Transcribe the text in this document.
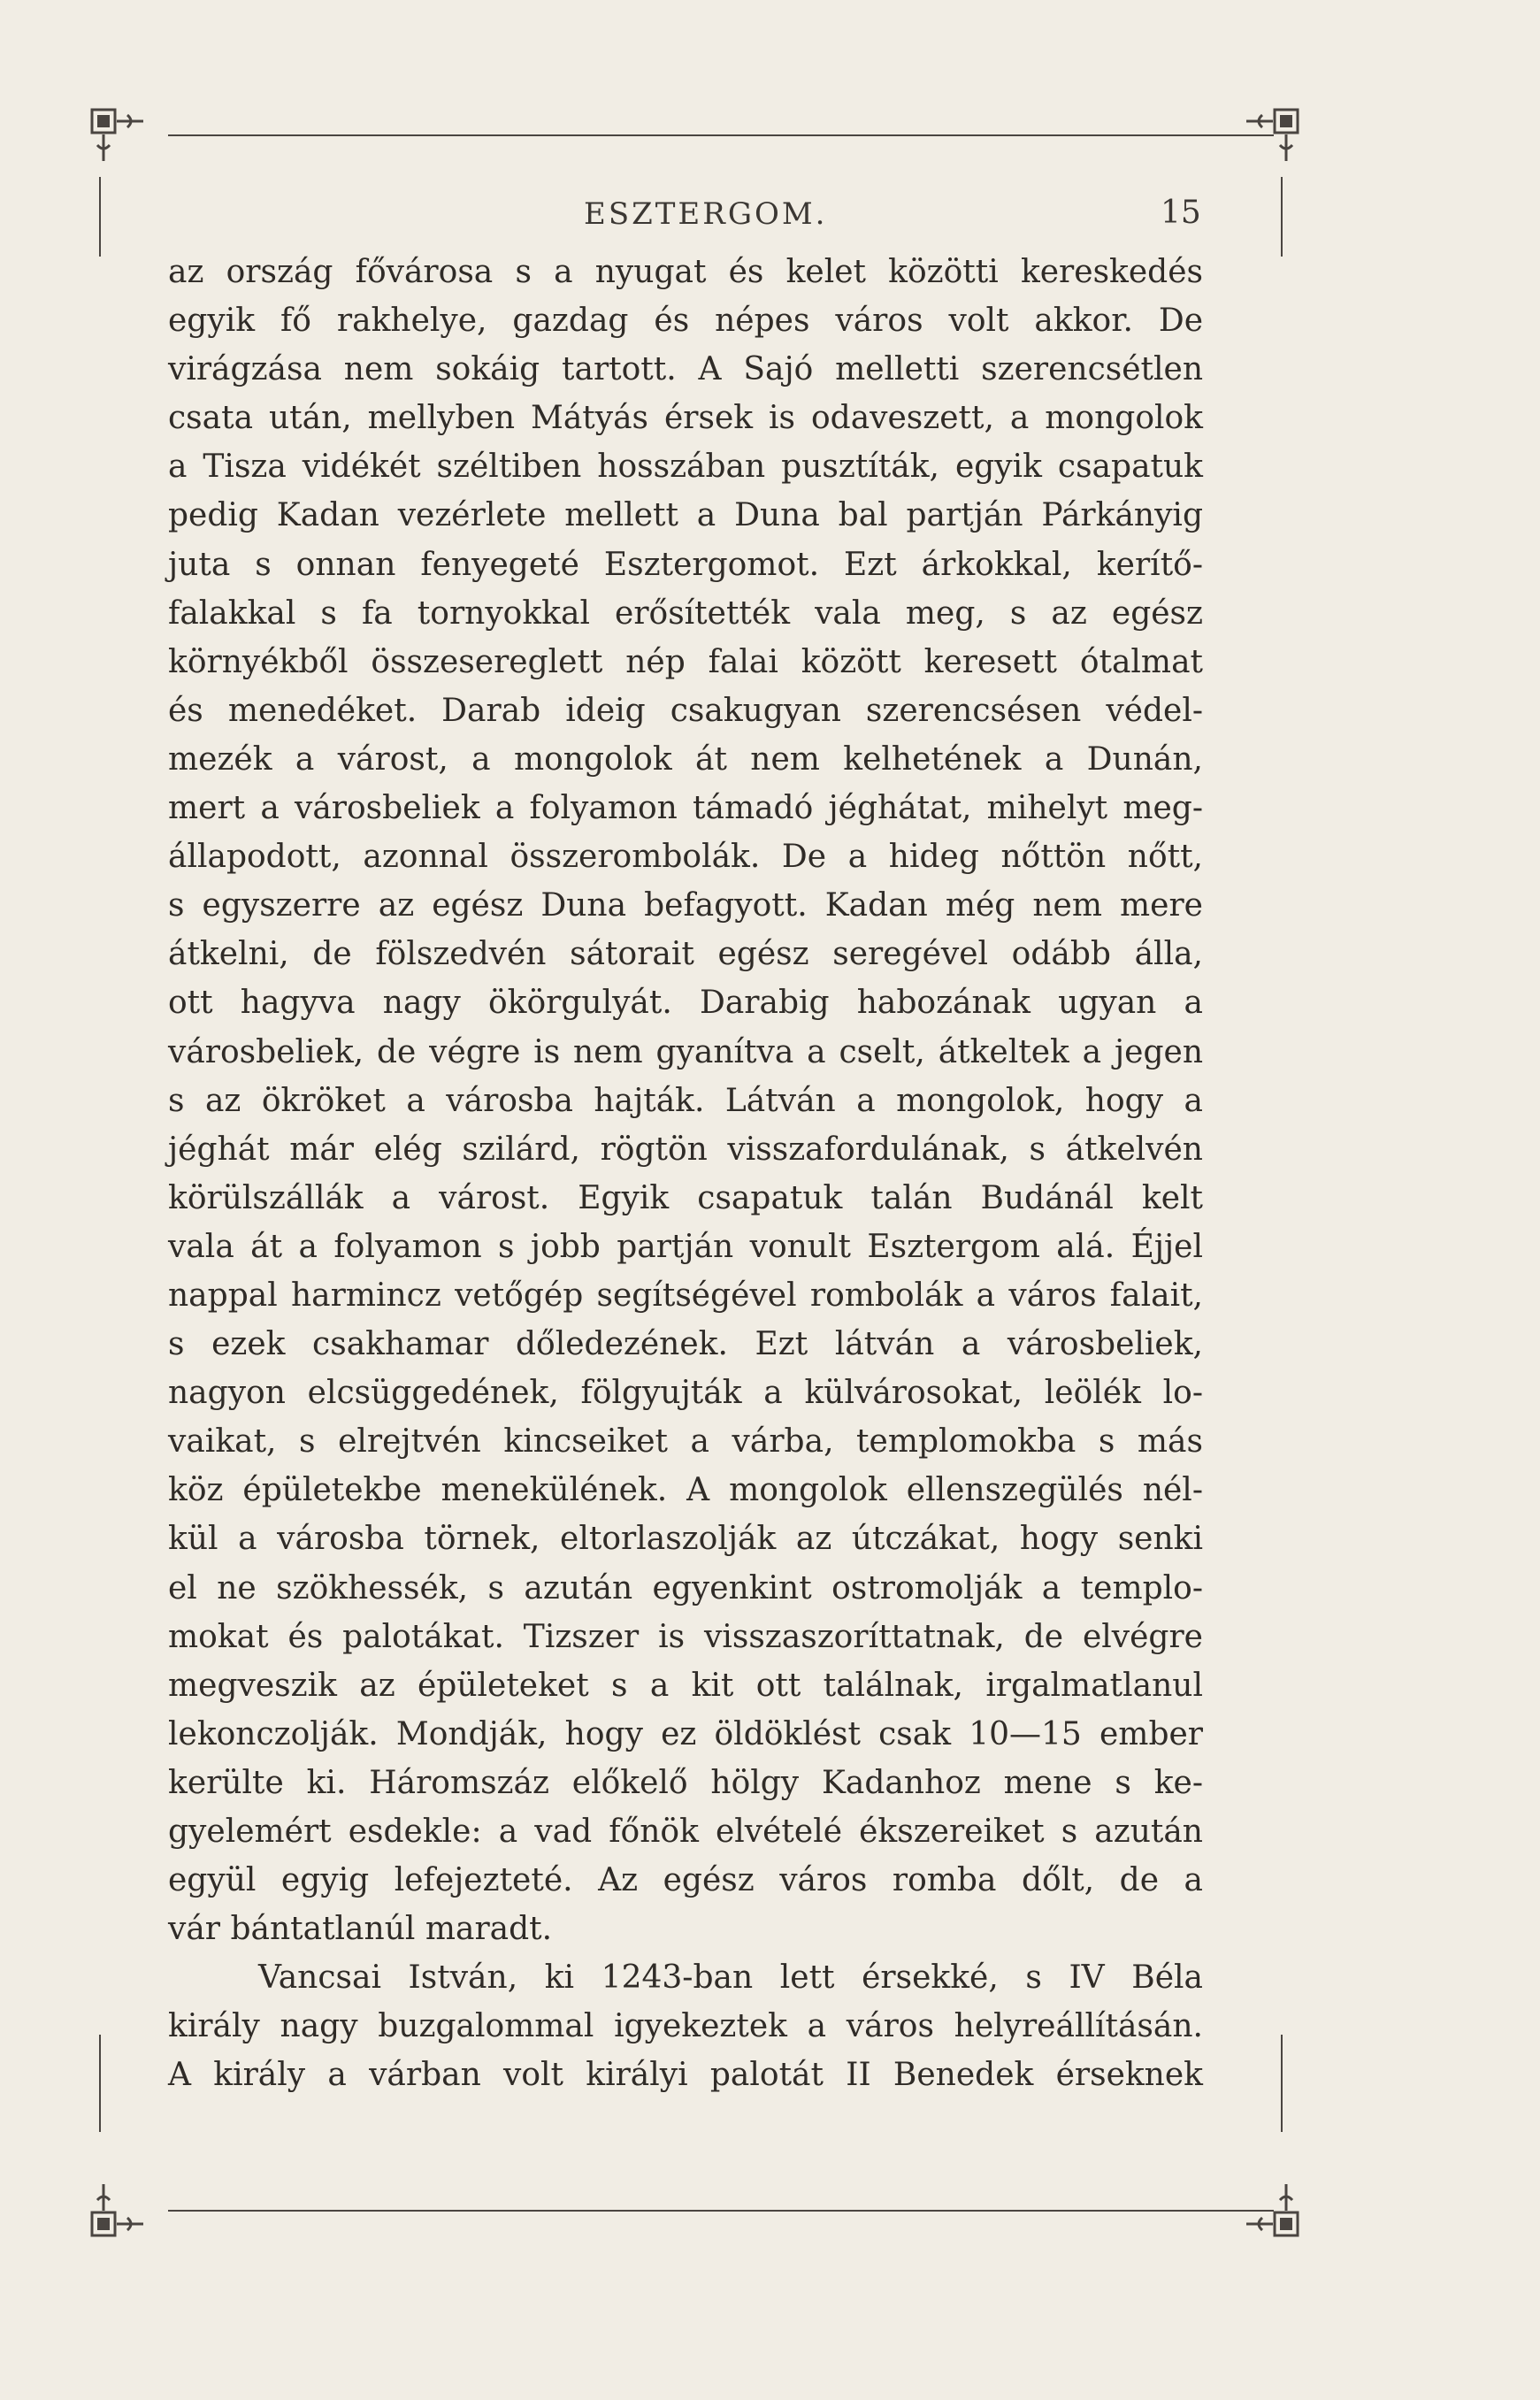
ESZTERGOM.	15
az ország fővárosa s a nyugat és kelet közötti kereskedés
egyik fő rakhelye, gazdag és népes város volt akkor. De
virágzása nem sokáig tartott. A Sajó melletti szerencsétlen
csata után, mellyben Mátyás érsek is odaveszett, a mongolok
a Tisza vidékét széltiben hosszában pusztíták, egyik csapatuk
pedig Kadan vezérlete mellett a Duna bal partján Párkányig
juta s onnan fenyegeté Esztergomot. Ezt árkokkal, kerítő-
falakkal s fa tornyokkal erősítették vala meg, s az egész
környékből összesereglett nép falai között keresett ótalmat
és menedéket. Darab ideig csakugyan szerencsésen védel-
mezék a várost, a mongolok át nem kelhetének a Dunán,
mert a városbeliek a folyamon támadó jéghátat, mihelyt meg-
állapodott, azonnal összerombolák. De a hideg nőttön nőtt,
s egyszerre az egész Duna befagyott. Kadan még nem mere
átkelni, de fölszedvén sátorait egész seregével odább álla,
ott hagyva nagy ökörgulyát. Darabig habozának ugyan a
városbeliek, de végre is nem gyanítva a cselt, átkeltek a jegen
s az ökröket a városba hajták. Látván a mongolok, hogy a
jéghát már elég szilárd, rögtön visszafordulának, s átkelvén
körülszállák a várost. Egyik csapatuk talán Budánál kelt
vala át a folyamon s jobb partján vonult Esztergom alá. Éjjel
nappal harmincz vetőgép segítségével rombolák a város falait,
s ezek csakhamar dőledezének. Ezt látván a városbeliek,
nagyon elcsüggedének, fölgyujták a külvárosokat, leölék lo-
vaikat, s elrejtvén kincseiket a várba, templomokba s más
köz épületekbe menekülének. A mongolok ellenszegülés nél-
kül a városba törnek, eltorlaszolják az útczákat, hogy senki
el ne szökhessék, s azután egyenkint ostromolják a templo-
mokat és palotákat. Tizszer is visszaszoríttatnak, de elvégre
megveszik az épületeket s a kit ott találnak, irgalmatlanul
lekonczolják. Mondják, hogy ez öldöklést csak 10—15 ember
kerülte ki. Háromszáz előkelő hölgy Kadanhoz mene s ke-
gyelemért esdekle: a vad főnök elvételé ékszereiket s azután
együl egyig lefejezteté. Az egész város romba dőlt, de a
vár bántatlanúl maradt.
Vancsai István, ki 1243-ban lett érsekké, s IV Béla
király nagy buzgalommal igyekeztek a város helyreállításán.
A király a várban volt királyi palotát II Benedek érseknek
